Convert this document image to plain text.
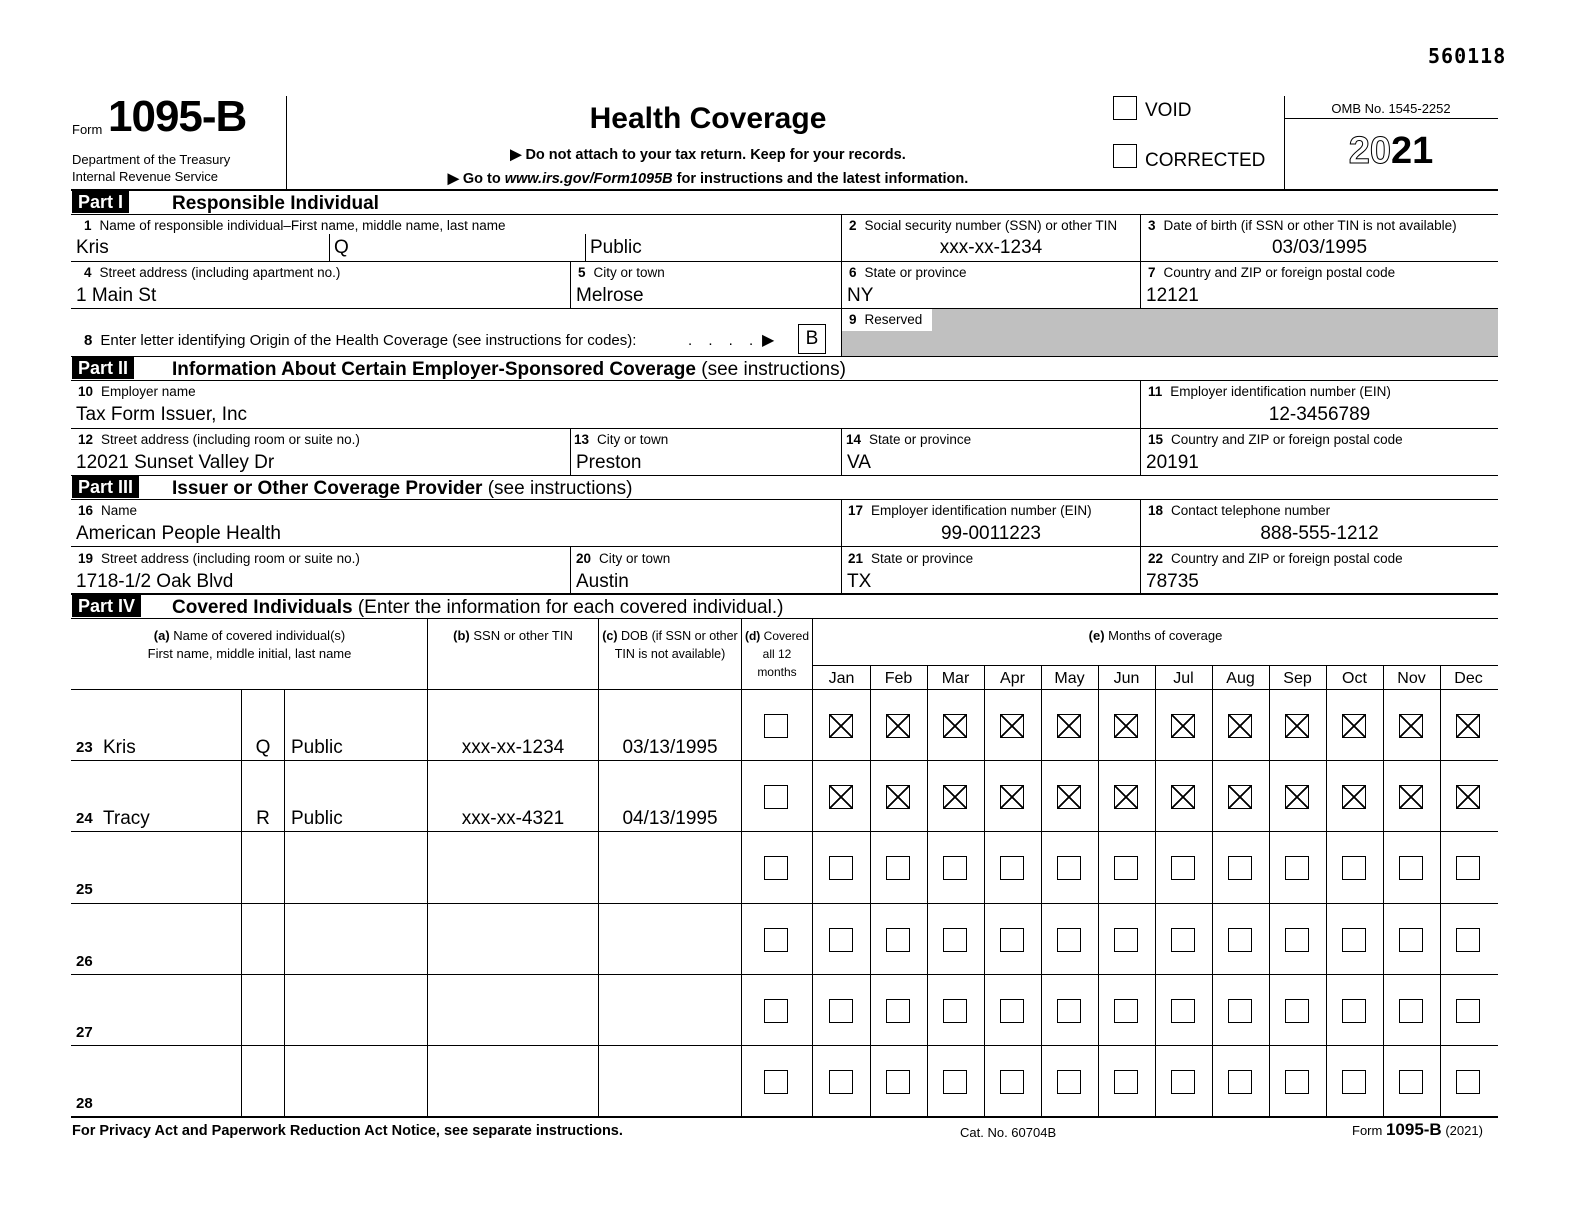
560118
Form 1095-B
Department of the Treasury
Internal Revenue Service
Health Coverage
▶ Do not attach to your tax return. Keep for your records.
▶ Go to www.irs.gov/Form1095B for instructions and the latest information.
VOID
CORRECTED
OMB No. 1545-2252
2021
Part I	Responsible Individual
1 Name of responsible individual–First name, middle name, last name
Kris	Q	Public
2 Social security number (SSN) or other TIN
xxx-xx-1234
3 Date of birth (if SSN or other TIN is not available)
03/03/1995
4 Street address (including apartment no.)
1 Main St
5 City or town
Melrose
6 State or province
NY
7 Country and ZIP or foreign postal code
12121
8 Enter letter identifying Origin of the Health Coverage (see instructions for codes):	. . . . ▶	B
9 Reserved
Part II	Information About Certain Employer-Sponsored Coverage (see instructions)
10 Employer name
Tax Form Issuer, Inc
11 Employer identification number (EIN)
12-3456789
12 Street address (including room or suite no.)
12021 Sunset Valley Dr
13 City or town
Preston
14 State or province
VA
15 Country and ZIP or foreign postal code
20191
Part III	Issuer or Other Coverage Provider (see instructions)
16 Name
American People Health
17 Employer identification number (EIN)
99-0011223
18 Contact telephone number
888-555-1212
19 Street address (including room or suite no.)
1718-1/2 Oak Blvd
20 City or town
Austin
21 State or province
TX
22 Country and ZIP or foreign postal code
78735
Part IV	Covered Individuals (Enter the information for each covered individual.)
(a) Name of covered individual(s)
First name, middle initial, last name
(b) SSN or other TIN	(c) DOB (if SSN or other
TIN is not available)
(d) Covered
all 12 months
(e) Months of coverage
Jan	Feb	Mar	Apr	May	Jun	Jul	Aug	Sep	Oct	Nov	Dec
23 Kris	Q	Public	xxx-xx-1234	03/13/1995
24 Tracy	R	Public	xxx-xx-4321	04/13/1995
25
26
27
28
For Privacy Act and Paperwork Reduction Act Notice, see separate instructions.	Cat. No. 60704B	Form 1095-B (2021)
